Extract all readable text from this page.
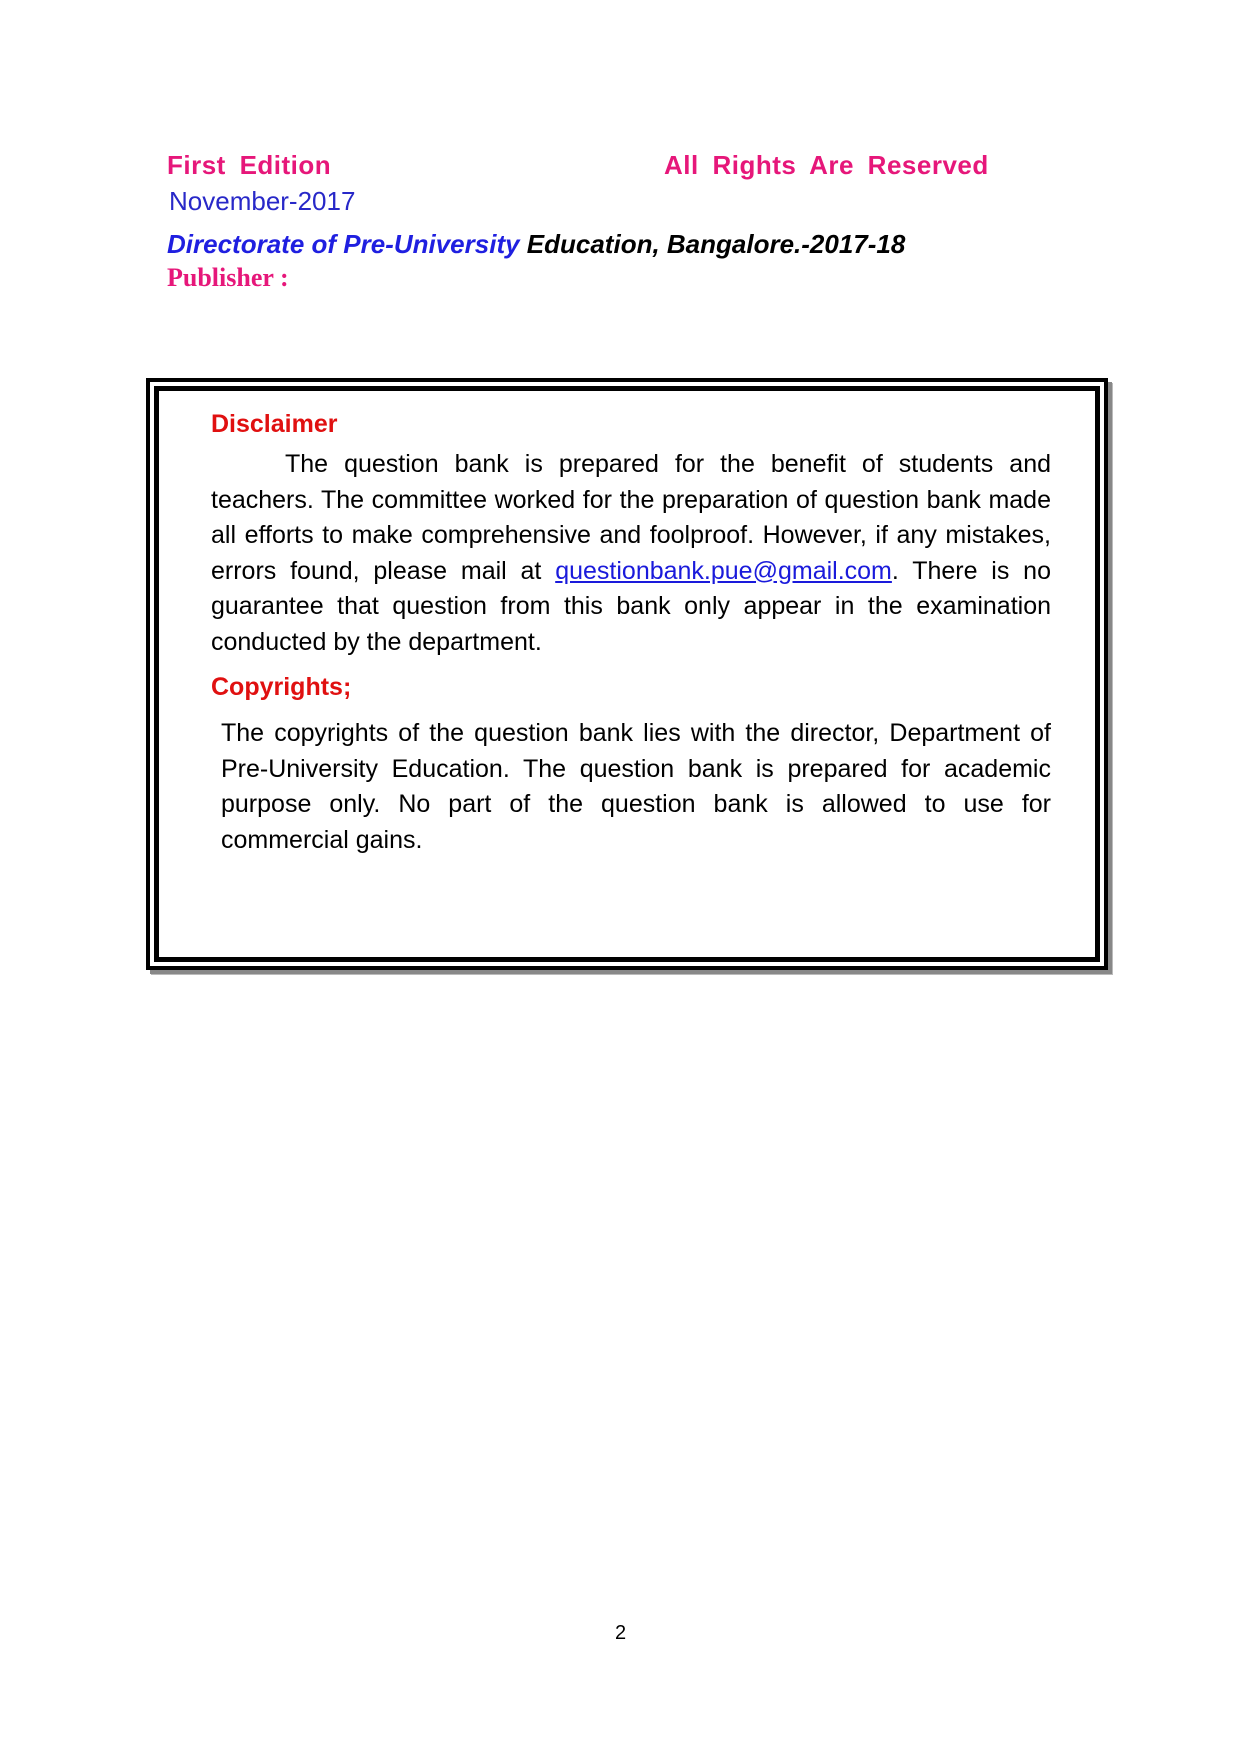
First Edition	All Rights Are Reserved
November-2017
Directorate of Pre-University Education, Bangalore.-2017-18
Publisher :

Disclaimer

The question bank is prepared for the benefit of students and teachers. The committee worked for the preparation of question bank made all efforts to make comprehensive and foolproof. However, if any mistakes, errors found, please mail at questionbank.pue@gmail.com. There is no guarantee that question from this bank only appear in the examination conducted by the department.

Copyrights;

The copyrights of the question bank lies with the director, Department of Pre-University Education. The question bank is prepared for academic purpose only. No part of the question bank is allowed to use for commercial gains.

2
